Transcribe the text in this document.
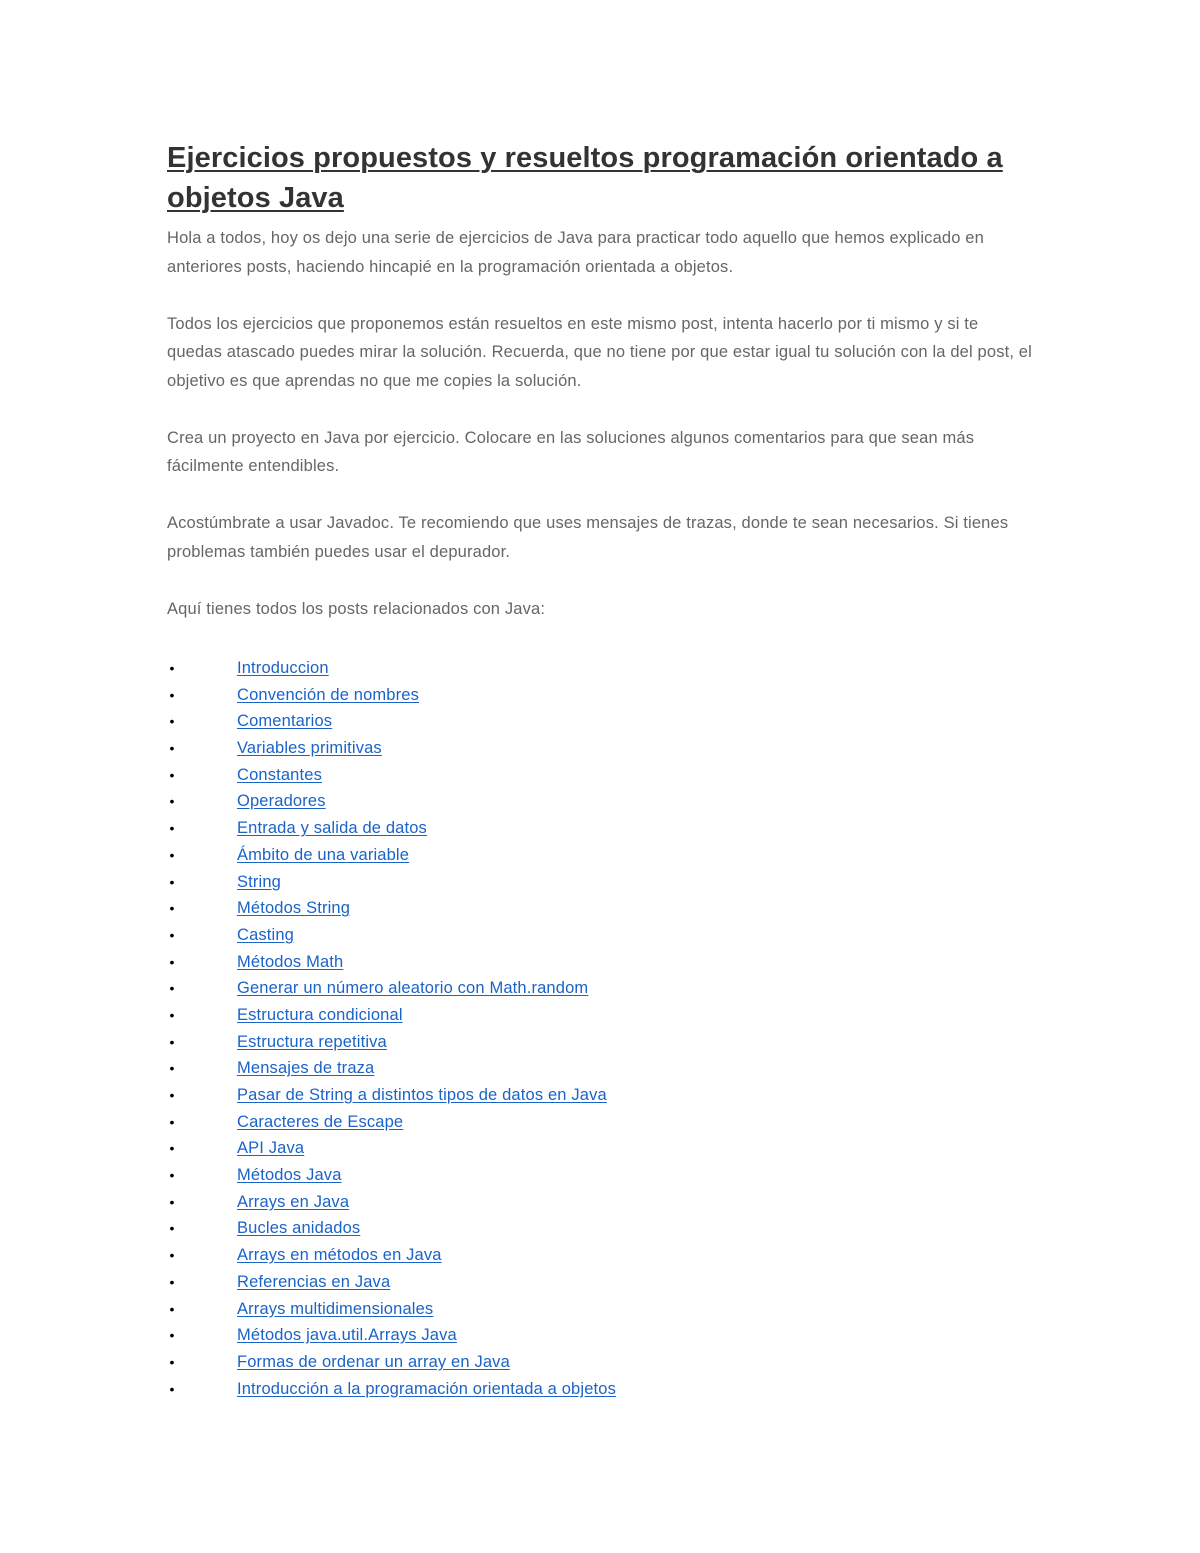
Ejercicios propuestos y resueltos programación orientado a objetos Java

Hola a todos, hoy os dejo una serie de ejercicios de Java para practicar todo aquello que hemos explicado en anteriores posts, haciendo hincapié en la programación orientada a objetos.

Todos los ejercicios que proponemos están resueltos en este mismo post, intenta hacerlo por ti mismo y si te quedas atascado puedes mirar la solución. Recuerda, que no tiene por que estar igual tu solución con la del post, el objetivo es que aprendas no que me copies la solución.

Crea un proyecto en Java por ejercicio. Colocare en las soluciones algunos comentarios para que sean más fácilmente entendibles.

Acostúmbrate a usar Javadoc. Te recomiendo que uses mensajes de trazas, donde te sean necesarios. Si tienes problemas también puedes usar el depurador.

Aquí tienes todos los posts relacionados con Java:

•	Introduccion
•	Convención de nombres
•	Comentarios
•	Variables primitivas
•	Constantes
•	Operadores
•	Entrada y salida de datos
•	Ámbito de una variable
•	String
•	Métodos String
•	Casting
•	Métodos Math
•	Generar un número aleatorio con Math.random
•	Estructura condicional
•	Estructura repetitiva
•	Mensajes de traza
•	Pasar de String a distintos tipos de datos en Java
•	Caracteres de Escape
•	API Java
•	Métodos Java
•	Arrays en Java
•	Bucles anidados
•	Arrays en métodos en Java
•	Referencias en Java
•	Arrays multidimensionales
•	Métodos java.util.Arrays Java
•	Formas de ordenar un array en Java
•	Introducción a la programación orientada a objetos
